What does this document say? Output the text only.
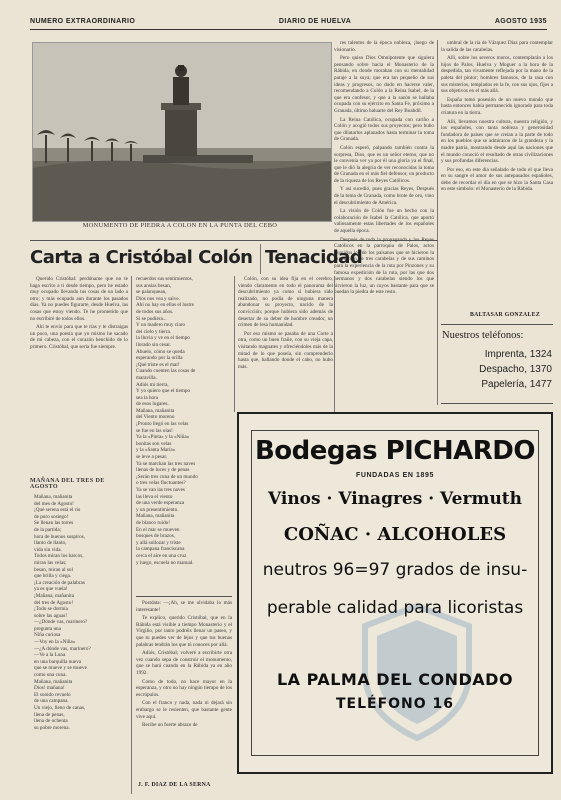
NUMERO EXTRAORDINARIO	DIARIO DE HUELVA	AGOSTO 1935
MONUMENTO DE PIEDRA A COLON EN LA PUNTA DEL CEBO

res talentos de la época nobleza, ¡luego de visionario.

Pero quiso Dios Omnipotente que siguiera pensando sobre hacia el Monasterio de la Rábida, en donde moraban con su mentalidad paraje a la suya; que era tan pequeño de sus ideas y progresos, no dudo en hacerse valer, recomendando a Colón a la Reina Isabel, de la que era confesor, y que a la sazón se hallaba ocupada con su ejército en Santa Fe, próximo a Granada, último baluarte del Rey Boabdil.

La Reina Católica, ocupada con cariño a Colón y acogió todos sus proyectos; pero hubo que dilatarlos aplazados hasta terminar la toma de Granada.

Colón esperó, palpando también contra la sorpresa, Dios, que es un señor eterno, que no le convenía ver ya por él una gloria ya el final, que le dió la alegría de ver reconocidas la toma de Granada en el más fiel defensor, un producto de la riqueza de los Reyes Católicos.

Y así sucedió, pues gracias Reyes, Después de la toma de Granada, como brote de oro, vino el descubrimiento de América.

La visión de Colón fue un hecho con la colaboración de Isabel la Católica, que aportó valiosamente estas libertades de los españoles de aquella época.

Después de toda la propaganda y los Reyes Católicos en la parroquia de Palos, actos seguidos los de los paisanos que se hicieron la expedición de tres carabelas y de sus caminos para la experiencia de la ruta por Pinzones y su famosa expedición de la ruta, por las que dos hermanos y dos carabelas siendo los que sirvieron la luz, un cuyos bastante para que se puedan la piedra de este resto.

umbral de la ría de Vázquez Díaz para contemplar la salida de las carabelas.

Allí, sobre los severos muros, contemplarán a los hijos de Palos, Huelva y Moguer a la hora de la despedida, tan vivamente reflejada por la mano de la paleta del pintor; hombres famosos, de la raza con sus misterios, templados en la fe, con sus ojos, fijos a sus objetivos en el más allá.

España tomó posesión de un nuevo mundo que hasta entonces había permanecido ignorado para toda criatura en la tierra.

Allí, llevamos nuestra cultura, nuestra religión, y los españoles, con tanta nobleza y generosidad fundadora de países que se creían a la parte de todo en los pueblos que se admiraron de la grandeza y la madre patria, mostrando desde aquí las naciones que el mundo conoció el resultado de otras civilizaciones y sus profundas diferencias.

Por eso, en este día señalado de todo el que lleva en su sangre el amor de sus antepasados españoles, debe de recordar el día en que se hizo la Santa Casa en este símbolo: el Monasterio de la Rábida.

BALTASAR GONZALEZ
Nuestros teléfonos:
Imprenta, 1324
Despacho, 1370
Papelería, 1477
Carta a Cristóbal Colón Tenacidad

Querido Cristóbal: perdóname que no te haga escrito a ti desde tiempo, pero he estado muy ocupado llevando tus cosas de un lado a otro; y más ocupado aun durante los pasados días. Ya no puedes figurarte, desde Huelva, las cosas que estoy viendo. Te he prometido que no escribiré de todos ellos.

Ahí te envío para que te rías y te distraigas un poco, una poesía que yo mismo he sacado de mi cabeza, con el corazón henchido de lo primero. Cristóbal, que seria fue siempre.

MAÑANA DEL TRES DE AGOSTO
Mañana, mañanita
del mes de Agosto!
¡Qué serena está el río
de puro sosiego!
Se llenan las torres
de la partida;
hora de buenos suspiros,
llanto de llanto,
vida sin vida.
Todos miran los barcos,
miran las velas;
besan, miran al sol
que brilla y ciega.
¡La creación de palabras
ya es que vuela!
¡Mañana, mañanita
del tres de Agosto!
¡Todo se dormía
sobre las aguas!
—¿Dónde vas, marinero?
pregunta una
Niña curiosa
—Voy en la «Niña»
—¿A dónde vas, marinero?
—Ve a la Luna
en una barquilla nueva
que se mueve y se mueve
como una cuna.
Mañana, mañanita
Dios! mañana!
El sonido revuelo
de una campana.
Un viejo, lleno de canas,
llena de penas,
llena de ochenta
su pobre morena.
recuerdos sus sentimientos,
sus ansias besan,
se palanquean,
Dios nos vea y salve.
Ahí no hay en ellas el lustre
de todos sus años.
Si se pudiera...
Y un madero muy claro
del cielo y tierra.
la lluvia y ve en el tiempo
llorado sin cesar.
Abuelo, cómo se queda
esperando por la orilla
¡Qué triste es el mar!
Cuando cuenten las cosas de
maravilla.
Adiós mi tierra,
Y yo quiero que el tiempo
sea la hora
de esos lugares.
Mañana, mañanita
del Viento moreno
¡Pronto llegó en las velas
se fue en las olas!
Ya la «Pinta» y la «Niña»
bonitas son velas
y la «Santa María»
se leve a pesar.
Ya se marchan las tres naves
llenas de luces y de penas
¡Serán tres cuna de un mundo
o tres velas fluctuantes?
Ya se van las tres naves
las lleva el viento
de una verde esperanza
y un presentimiento.
Mañana, mañanita
de blanco ruido!
En el mar se mueven
bosques de brazos,
y allá sollozar y triste
la campana franciscana
cerca el aire en una cruz
y luego, escuela no manual.

Postdata: —¡Ah, se me olvidaba lo más interesante!

Te explico, querido Cristóbal, que en la Rábida está visible a tiempo Monasterio y el Virgilio, por tanto podréis llenar un paseo, y que tu puedes ver de lejos y que tus buenas palabras tendrán los que tú conoces por allá.

Adiós, Cristóbal; volveré a escribirte otra vez cuando sepa de construir el monumento, que se hará cuando en la Rábida ya en año 1992.

Como de todo, no hace mayor en la esperanza, y otro no hay ningún tiempo de los escrúpulos.

Con el franco y nada, nada ni dejará sin embargo se le resienten, que bastante gente vive aquí.

Recibe un fuerte abrazo de

J. F. DIAZ DE LA SERNA

Colón, con su idea fija en el cerebro, viendo claramente en todo el panorama del descubrimiento ya como si hubiera sido realizado, no podía de ninguna manera abandonar su proyecto, nacido de la convicción; porque hubiera sido además de desertar de su deber de hombre creador, un crimen de lesa humanidad.

Por eso mismo se pasaba de una Corte a otra, como un buen fraile, con su vieja capa, visitando magnates y ofreciéndoles más de la mitad de lo que poseía, sin comprenderlo hasta que, hallando donde el cabo, no hubo más.

Bodegas PICHARDO
FUNDADAS EN 1895
Vinos · Vinagres · Vermuth
COÑAC · ALCOHOLES
neutros 96=97 grados de insu-
perable calidad para licoristas
LA PALMA DEL CONDADO
TELÉFONO 16
